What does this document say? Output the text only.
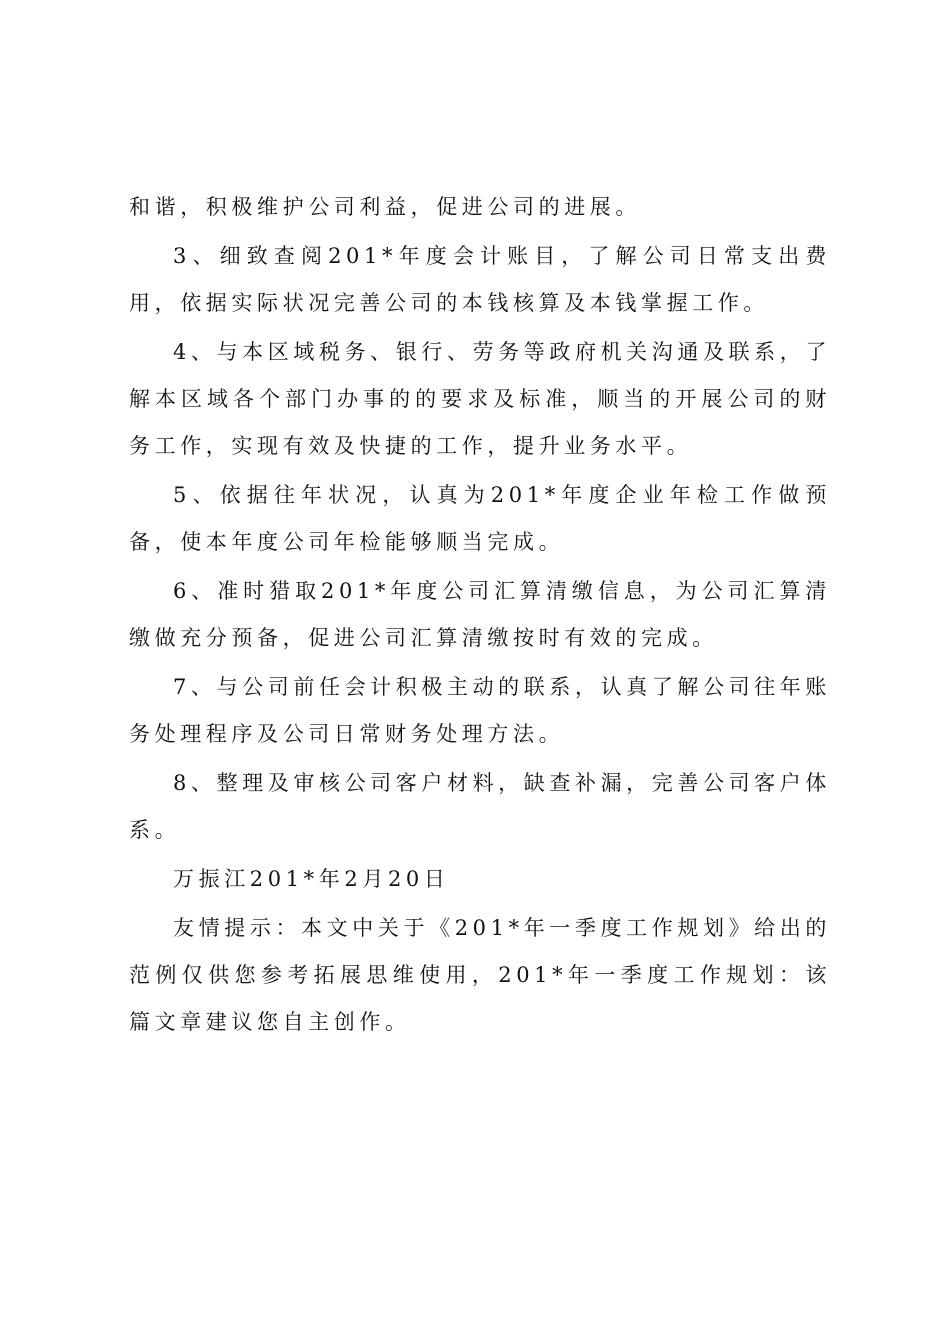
和谐，积极维护公司利益，促进公司的进展。

3、细致查阅201*年度会计账目，了解公司日常支出费用，依据实际状况完善公司的本钱核算及本钱掌握工作。

4、与本区域税务、银行、劳务等政府机关沟通及联系，了解本区域各个部门办事的的要求及标准，顺当的开展公司的财务工作，实现有效及快捷的工作，提升业务水平。

5、依据往年状况，认真为201*年度企业年检工作做预备，使本年度公司年检能够顺当完成。

6、准时猎取201*年度公司汇算清缴信息，为公司汇算清缴做充分预备，促进公司汇算清缴按时有效的完成。

7、与公司前任会计积极主动的联系，认真了解公司往年账务处理程序及公司日常财务处理方法。

8、整理及审核公司客户材料，缺查补漏，完善公司客户体系。

万振江201*年2月20日

友情提示：本文中关于《201*年一季度工作规划》给出的范例仅供您参考拓展思维使用，201*年一季度工作规划：该篇文章建议您自主创作。
